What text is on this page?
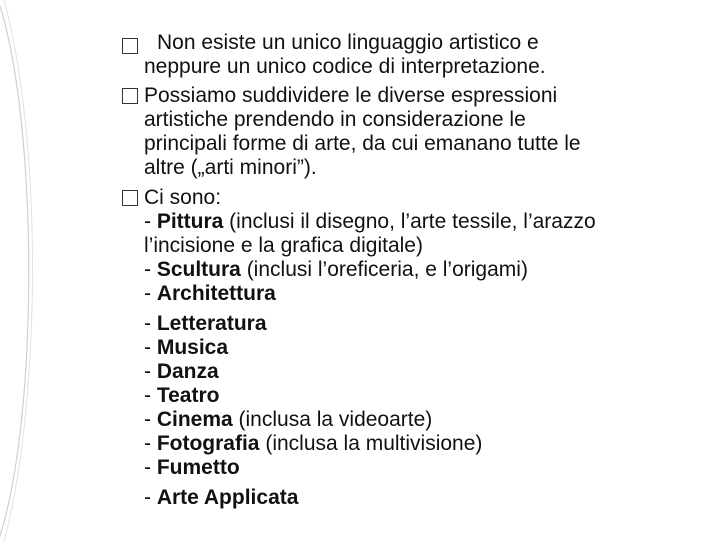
Non esiste un unico linguaggio artistico e
neppure un unico codice di interpretazione.
Possiamo suddividere le diverse espressioni
artistiche prendendo in considerazione le
principali forme di arte, da cui emanano tutte le
altre („arti minori”).
Ci sono:
- Pittura (inclusi il disegno, l’arte tessile, l’arazzo
l’incisione e la grafica digitale)
- Scultura (inclusi l’oreficeria, e l’origami)
- Architettura
- Letteratura
- Musica
- Danza
- Teatro
- Cinema (inclusa la videoarte)
- Fotografia (inclusa la multivisione)
- Fumetto
- Arte Applicata
